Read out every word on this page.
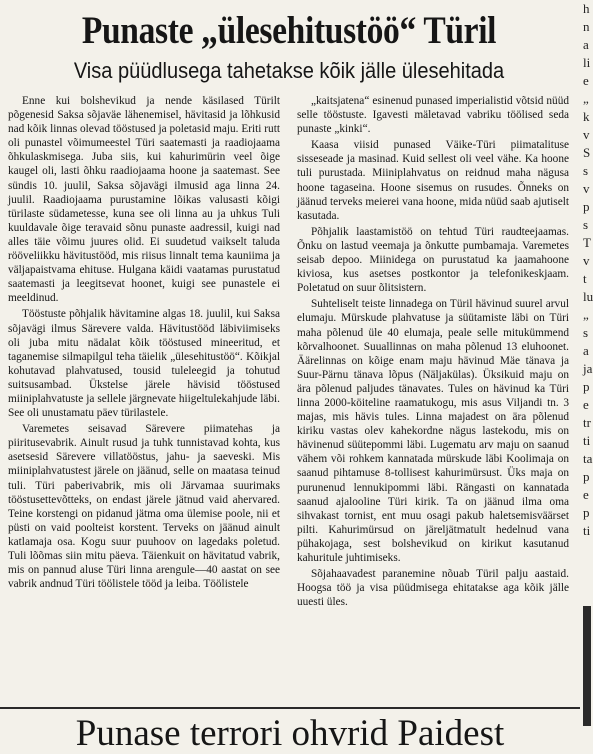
Punaste „ülesehitustöö“ Türil
Visa püüdlusega tahetakse kõik jälle ülesehitada

Enne kui bolshevikud ja nende käsilased Türilt põgenesid Saksa sõjaväe lähenemisel, hävitasid ja lõhkusid nad kõik linnas olevad tööstused ja poletasid maju. Eriti rutt oli punastel võimumeestel Türi saatemasti ja raadiojaama õhkulaskmisega. Juba siis, kui kahurimürin veel õige kaugel oli, lasti õhku raadiojaama hoone ja saatemast. See sündis 10. juulil, Saksa sõjavägi ilmusid aga linna 24. juulil. Raadiojaama purustamine lõikas valusasti kõigi türilaste südametesse, kuna see oli linna au ja uhkus Tuli kuuldavale õige teravaid sõnu punaste aadressil, kuigi nad alles täie võimu juures olid. Ei suudetud vaikselt taluda rööveliikku hävitustööd, mis riisus linnalt tema kauniima ja väljapaistvama ehituse. Hulgana käidi vaatamas purustatud saatemasti ja leegitsevat hoonet, kuigi see punastele ei meeldinud.

Tööstuste põhjalik hävitamine algas 18. juulil, kui Saksa sõjavägi ilmus Särevere valda. Hävitustööd läbiviimiseks oli juba mitu nädalat kõik tööstused mineeritud, et taganemise silmapilgul teha täielik „ülesehitustöö“. Kõikjal kohutavad plahvatused, tousid tuleleegid ja tohutud suitsusambad. Ükstelse järele hävisid tööstused miiniplahvatuste ja sellele järgnevate hiigeltulekahjude läbi. See oli unustamatu päev türilastele.

Varemetes seisavad Särevere piimatehas ja piiritusevabrik. Ainult rusud ja tuhk tunnistavad kohta, kus asetsesid Särevere villatööstus, jahu- ja saeveski. Mis miiniplahvatustest järele on jäänud, selle on maatasa teinud tuli. Türi paberivabrik, mis oli Järvamaa suurimaks tööstusettevõtteks, on endast järele jätnud vaid ahervared. Teine korstengi on pidanud jätma oma ülemise poole, nii et püsti on vaid poolteist korstent. Terveks on jäänud ainult katlamaja osa. Kogu suur puuhoov on lagedaks poletud. Tuli lõõmas siin mitu päeva. Täienkuit on hävitatud vabrik, mis on pannud aluse Türi linna arengule—40 aastat on see vabrik andnud Türi töölistele tööd ja leiba. Töölistele

„kaitsjatena“ esinenud punased imperialistid võtsid nüüd selle tööstuste. Igavesti mäletavad vabriku töölised seda punaste „kinki“.

Kaasa viisid punased Väike-Türi piimatalituse sisseseade ja masinad. Kuid sellest oli veel vähe. Ka hoone tuli purustada. Miiniplahvatus on reidnud maha nägusa hoone tagaseina. Hoone sisemus on rusudes. Õnneks on jäänud terveks meierei vana hoone, mida nüüd saab ajutiselt kasutada.

Põhjalik laastamistöö on tehtud Türi raudteejaamas. Õnku on lastud veemaja ja õnkutte pumbamaja. Varemetes seisab depoo. Miinidega on purustatud ka jaamahoone kiviosa, kus asetses postkontor ja telefonikeskjaam. Poletatud on suur õlitsistern.

Suhteliselt teiste linnadega on Türil hävinud suurel arvul elumaju. Mürskude plahvatuse ja süütamiste läbi on Türi maha põlenud üle 40 elumaja, peale selle mitukümmend kõrvalhoonet. Suuallinnas on maha põlenud 13 eluhoonet. Äärelinnas on kõige enam maju hävinud Mäe tänava ja Suur-Pärnu tänava lõpus (Näljakülas). Üksikuid maju on ära põlenud paljudes tänavates. Tules on hävinud ka Türi linna 2000-köiteline raamatukogu, mis asus Viljandi tn. 3 majas, mis hävis tules. Linna majadest on ära põlenud kiriku vastas olev kahekordne nägus lastekodu, mis on hävinenud süütepommi läbi. Lugematu arv maju on saanud vähem või rohkem kannatada mürskude läbi Koolimaja on saanud pihtamuse 8-tollisest kahurimürsust. Üks maja on purunenud lennukipommi läbi. Rängasti on kannatada saanud ajalooline Türi kirik. Ta on jäänud ilma oma sihvakast tornist, ent muu osagi pakub haletsemisväärset pilti. Kahurimürsud on järeljätmatult hedelnud vana pühakojaga, sest bolshevikud on kirikut kasutanud kahuritule juhtimiseks.

Sõjahaavadest paranemine nõuab Türil palju aastaid. Hoogsa töö ja visa püüdmisega ehitatakse aga kõik jälle uuesti üles.

Punase terrori ohvrid Paidest
h
n
a
li
e
„
k
v
S
s
v
p
s
T
v
t
lu
„
s
a
ja
p
e
tr
ti
ta
p
e
p
ti
